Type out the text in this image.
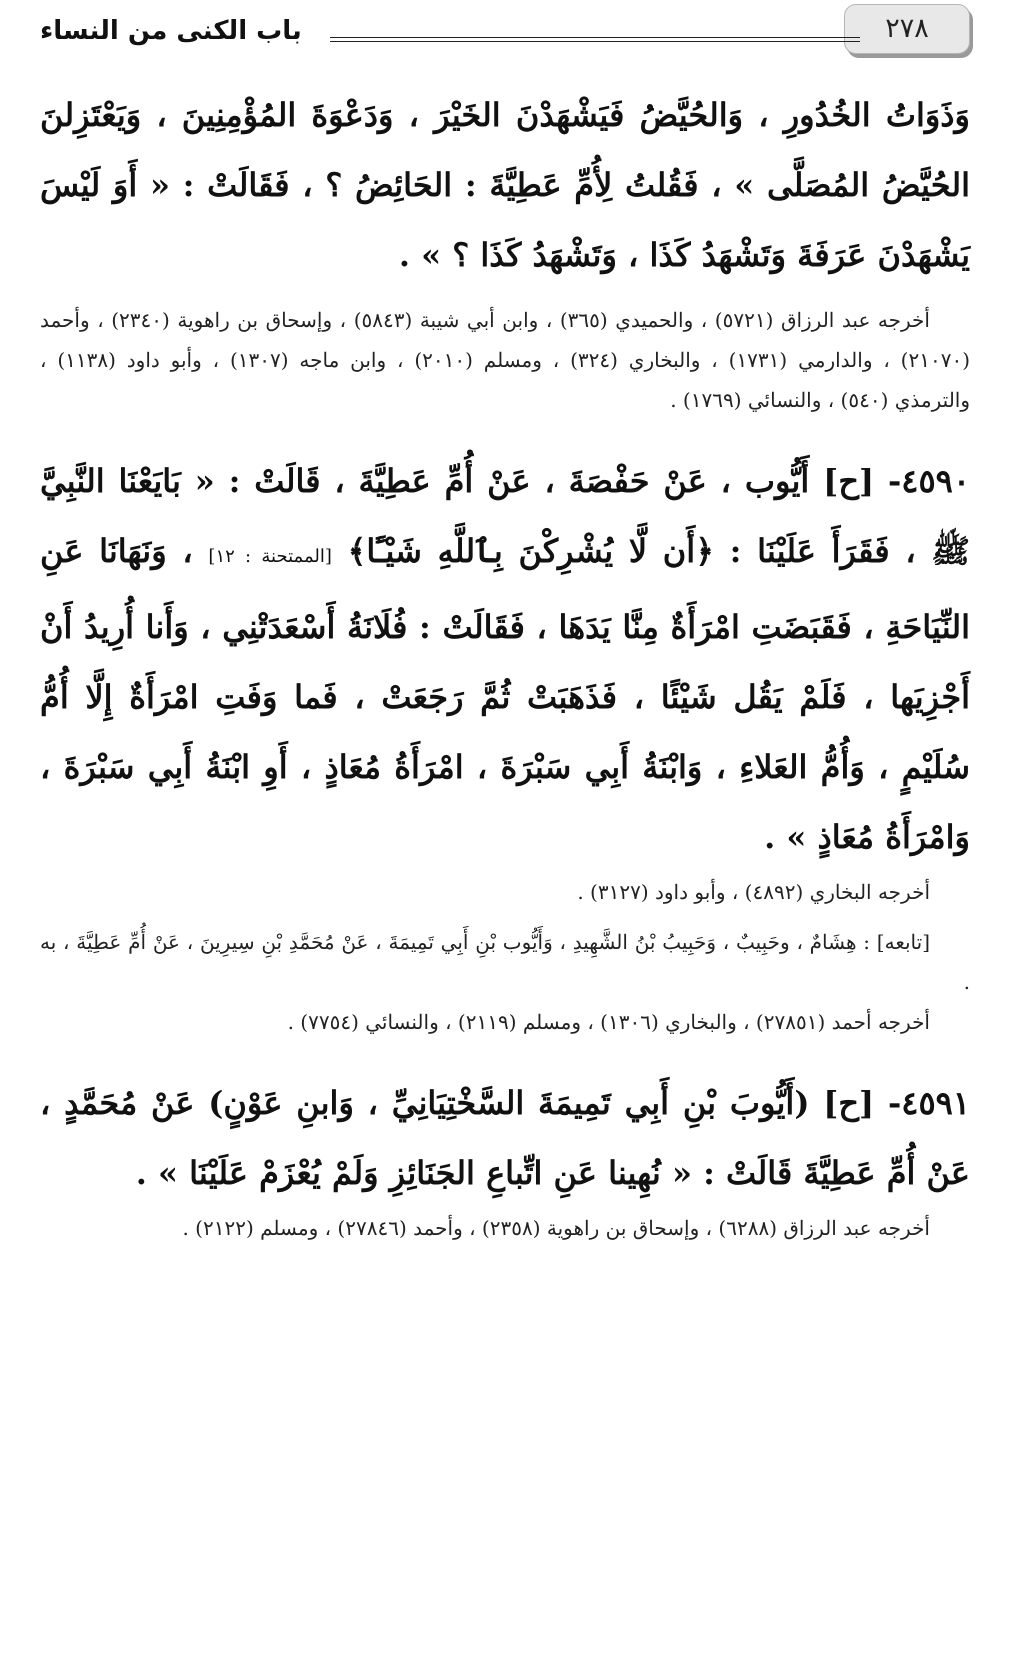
٢٧٨
باب الكنى من النساء

وَذَوَاتُ الخُدُورِ ، وَالحُيَّضُ فَيَشْهَدْنَ الخَيْرَ ، وَدَعْوَةَ المُؤْمِنِينَ ، وَيَعْتَزِلنَ الحُيَّضُ المُصَلَّى » ، فَقُلتُ لِأُمِّ عَطِيَّةَ : الحَائِضُ ؟ ، فَقَالَتْ : « أَوَ لَيْسَ يَشْهَدْنَ عَرَفَةَ وَتَشْهَدُ كَذَا ، وَتَشْهَدُ كَذَا ؟ » .

أخرجه عبد الرزاق (٥٧٢١) ، والحميدي (٣٦٥) ، وابن أبي شيبة (٥٨٤٣) ، وإسحاق بن راهوية (٢٣٤٠) ، وأحمد (٢١٠٧٠) ، والدارمي (١٧٣١) ، والبخاري (٣٢٤) ، ومسلم (٢٠١٠) ، وابن ماجه (١٣٠٧) ، وأبو داود (١١٣٨) ، والترمذي (٥٤٠) ، والنسائي (١٧٦٩) .

٤٥٩٠- [ح] أَيُّوب ، عَنْ حَفْصَةَ ، عَنْ أُمِّ عَطِيَّةَ ، قَالَتْ : « بَايَعْنَا النَّبِيَّ ﷺ ، فَقَرَأَ عَلَيْنَا : ﴿أَن لَّا يُشْرِكْنَ بِٱللَّهِ شَيْـًٔا﴾ [الممتحنة : ١٢] ، وَنَهَانَا عَنِ النِّيَاحَةِ ، فَقَبَضَتِ امْرَأَةٌ مِنَّا يَدَهَا ، فَقَالَتْ : فُلَانَةُ أَسْعَدَتْنِي ، وَأَنا أُرِيدُ أَنْ أَجْزِيَها ، فَلَمْ يَقُل شَيْئًا ، فَذَهَبَتْ ثُمَّ رَجَعَتْ ، فَما وَفَتِ امْرَأَةٌ إِلَّا أُمُّ سُلَيْمٍ ، وَأُمُّ العَلاءِ ، وَابْنَةُ أَبِي سَبْرَةَ ، امْرَأَةُ مُعَاذٍ ، أَوِ ابْنَةُ أَبِي سَبْرَةَ ، وَامْرَأَةُ مُعَاذٍ » .

أخرجه البخاري (٤٨٩٢) ، وأبو داود (٣١٢٧) .

[تابعه] : هِشَامٌ ، وحَبِيبٌ ، وَحَبِيبُ بْنُ الشَّهِيدِ ، وَأَيُّوب بْنِ أَبِي تَمِيمَةَ ، عَنْ مُحَمَّدِ بْنِ سِيرِينَ ، عَنْ أُمِّ عَطِيَّةَ ، به .

أخرجه أحمد (٢٧٨٥١) ، والبخاري (١٣٠٦) ، ومسلم (٢١١٩) ، والنسائي (٧٧٥٤) .

٤٥٩١- [ح] (أَيُّوبَ بْنِ أَبِي تَمِيمَةَ السَّخْتِيَانِيِّ ، وَابنِ عَوْنٍ) عَنْ مُحَمَّدٍ ، عَنْ أُمِّ عَطِيَّةَ قَالَتْ : « نُهِينا عَنِ اتِّباعِ الجَنَائِزِ وَلَمْ يُعْزَمْ عَلَيْنَا » .

أخرجه عبد الرزاق (٦٢٨٨) ، وإسحاق بن راهوية (٢٣٥٨) ، وأحمد (٢٧٨٤٦) ، ومسلم (٢١٢٢) .
